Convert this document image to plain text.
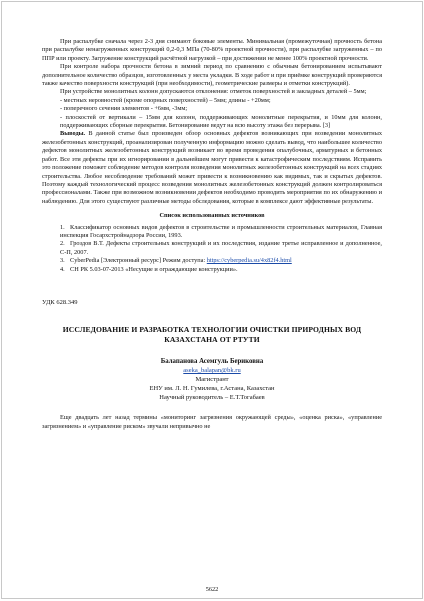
При распалубке сначала через 2-3 дня снимают боковые элементы. Минимальная (промежуточная) прочность бетона при распалубке ненагруженных конструкций 0,2-0,3 МПа (70-80% проектной прочности), при распалубке загруженных – по ППР или проекту. Загружение конструкций расчётной нагрузкой – при достижении не менее 100% проектной прочности.

При контроле набора прочности бетона в зимний период по сравнению с обычным бетонированием испытывают дополнительное количество образцов, изготовленных у места укладки. В ходе работ и при приёмке конструкций проверяются также качество поверхности конструкций (при необходимости), геометрические размеры и отметки конструкций).

При устройстве монолитных колонн допускаются отклонения: отметок поверхностей и закладных деталей – 5мм;

- местных неровностей (кроме опорных поверхностей) – 5мм; длины - +20мм;

- поперечного сечения элементов - +6мм, -3мм;

- плоскостей от вертикали – 15мм для колонн, поддерживающих монолитные перекрытия, и 10мм для колонн, поддерживающих сборные перекрытия. Бетонирование ведут на всю высоту этажа без перерыва. [3]

Выводы. В данной статье был произведен обзор основных дефектов возникающих при возведении монолитных железобетонных конструкций, проанализирован полученную информацию можно сделать вывод, что наибольшее количество дефектов монолитных железобетонных конструкций возникает во время проведения опалубочных, арматурных и бетонных работ. Все эти дефекты при их игнорировании в дальнейшем могут привести к катастрофическим последствиям. Исправить это положение поможет соблюдение методов контроля возведения монолитных железобетонных конструкций на всех стадиях строительства. Любое несоблюдение требований может привести к возникновению как видимых, так и скрытых дефектов. Поэтому каждый технологический процесс возведения монолитных железобетонных конструкций должен контролироваться профессионалами. Также при возможном возникновении дефектов необходимо проводить мероприятия по их обнаружению и наблюдению. Для этого существуют различные методы обследования, которые в комплексе дают эффективные результаты.

Список использованных источников

1. Классификатор основных видов дефектов в строительстве и промышленности строительных материалов, Главная инспекция Госархстройнадзора России, 1993.

2. Грoздов В.Т. Дефекты строительных конструкций и их последствия, издание третье исправленное и дополненное, С-П, 2007.

3. CyberPedia [Электронный ресурс] Режим доступа: https://cyberpedia.su/4x82f4.html

4. СН РК 5.03-07-2013 «Несущие и ограждающие конструкции».

УДК 628.349
ИССЛЕДОВАНИЕ И РАЗРАБОТКА ТЕХНОЛОГИИ ОЧИСТКИ ПРИРОДНЫХ ВОД КАЗАХСТАНА ОТ РТУТИ
Балапанова Асемгуль Бериковна

aseka_balapan@bk.ru

Магистрант

ЕНУ им. Л. Н. Гумилева, г.Астана, Казахстан

Научный руководитель – Е.Т.Тогабаев

Еще двадцать лет назад термины «мониторинг загрязнения окружающей среды», «оценка риска», «управление загрязнением» и «управление риском» звучали непривычно не

5622
